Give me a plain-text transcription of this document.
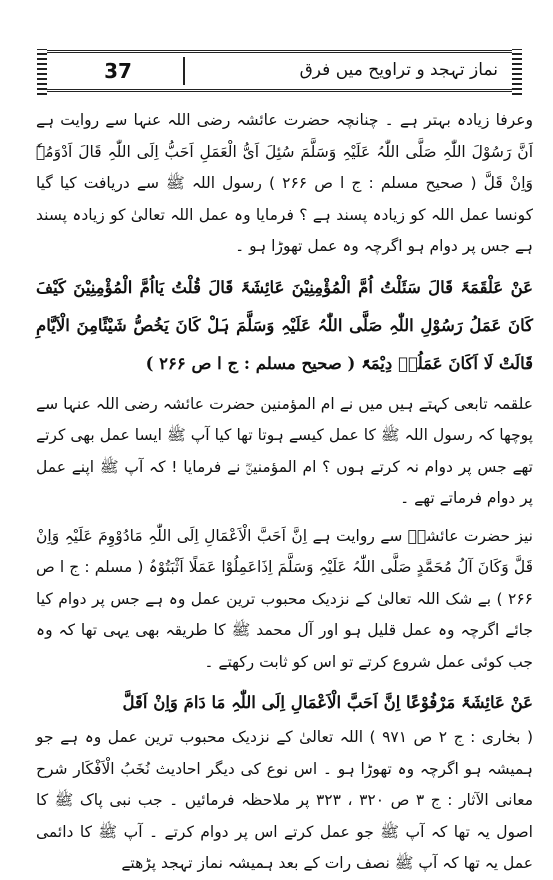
37	نماز تہجد و تراویح میں فرق

وعرفا زیادہ بہتر ہے ۔ چنانچہ حضرت عائشہ رضی اللہ عنہا سے روایت ہے اَنَّ رَسُوْلَ اللّٰہِ صَلَّی اللّٰہُ عَلَیْہِ وَسَلَّمَ سُئِلَ اَیُّ الْعَمَلِ اَحَبُّ اِلَی اللّٰہِ قَالَ اَدْوَمُہٗ وَاِنْ قَلَّ ( صحیح مسلم : ج ا ص ۲۶۶ ) رسول اللہ ﷺ سے دریافت کیا گیا کونسا عمل اللہ کو زیادہ پسند ہے ؟ فرمایا وہ عمل اللہ تعالیٰ کو زیادہ پسند ہے جس پر دوام ہو اگرچہ وہ عمل تھوڑا ہو ۔

عَنْ عَلْقَمَۃَ قَالَ سَئَلْتُ اُمَّ الْمُؤْمِنِیْنَ عَائِشَۃَ قَالَ قُلْتُ یَااُمَّ الْمُؤْمِنِیْنَ کَیْفَ کَانَ عَمَلُ رَسُوْلِ اللّٰہِ صَلَّی اللّٰہُ عَلَیْہِ وَسَلَّمَ ہَلْ کَانَ یَخُصُّ شَیْئًامِنَ الْاَیَّامِ قَالَتْ لَا اَکَانَ عَمَلُہٗ دِیْمَۃً ( صحیح مسلم : ج ا ص ۲۶۶ )

علقمہ تابعی کہتے ہیں میں نے ام المؤمنین حضرت عائشہ رضی اللہ عنہا سے پوچھا کہ رسول اللہ ﷺ کا عمل کیسے ہوتا تھا کیا آپ ﷺ ایسا عمل بھی کرتے تھے جس پر دوام نہ کرتے ہوں ؟ ام المؤمنینؓ نے فرمایا ! کہ آپ ﷺ اپنے عمل پر دوام فرماتے تھے ۔

نیز حضرت عائشہؓ سے روایت ہے اِنَّ اَحَبَّ الْاَعْمَالِ اِلَی اللّٰہِ مَادُوْوِمَ عَلَیْہِ وَاِنْ قَلَّ وَکَانَ آلُ مُحَمَّدٍ صَلَّی اللّٰہُ عَلَیْہِ وَسَلَّمَ اِذَاعَمِلُوْا عَمَلًا اَثْبَتُوْہُ ( مسلم : ج ا ص ۲۶۶ ) بے شک اللہ تعالیٰ کے نزدیک محبوب ترین عمل وہ ہے جس پر دوام کیا جائے اگرچہ وہ عمل قلیل ہو اور آل محمد ﷺ کا طریقہ بھی یہی تھا کہ وہ جب کوئی عمل شروع کرتے تو اس کو ثابت رکھتے ۔

عَنْ عَائِشَۃَ مَرْفُوْعًا اِنَّ اَحَبَّ الْاَعْمَالِ اِلَی اللّٰہِ مَا دَامَ وَاِنْ اَقَلَّ

( بخاری : ج ۲ ص ۹۷۱ ) اللہ تعالیٰ کے نزدیک محبوب ترین عمل وہ ہے جو ہمیشہ ہو اگرچہ وہ تھوڑا ہو ۔ اس نوع کی دیگر احادیث نُخَبُ الْاَفْکَار شرح معانی الآثار : ج ۳ ص ۳۲۰ ، ۳۲۳ پر ملاحظہ فرمائیں ۔ جب نبی پاک ﷺ کا اصول یہ تھا کہ آپ ﷺ جو عمل کرتے اس پر دوام کرتے ۔ آپ ﷺ کا دائمی عمل یہ تھا کہ آپ ﷺ نصف رات کے بعد ہمیشہ نماز تہجد پڑھتے
